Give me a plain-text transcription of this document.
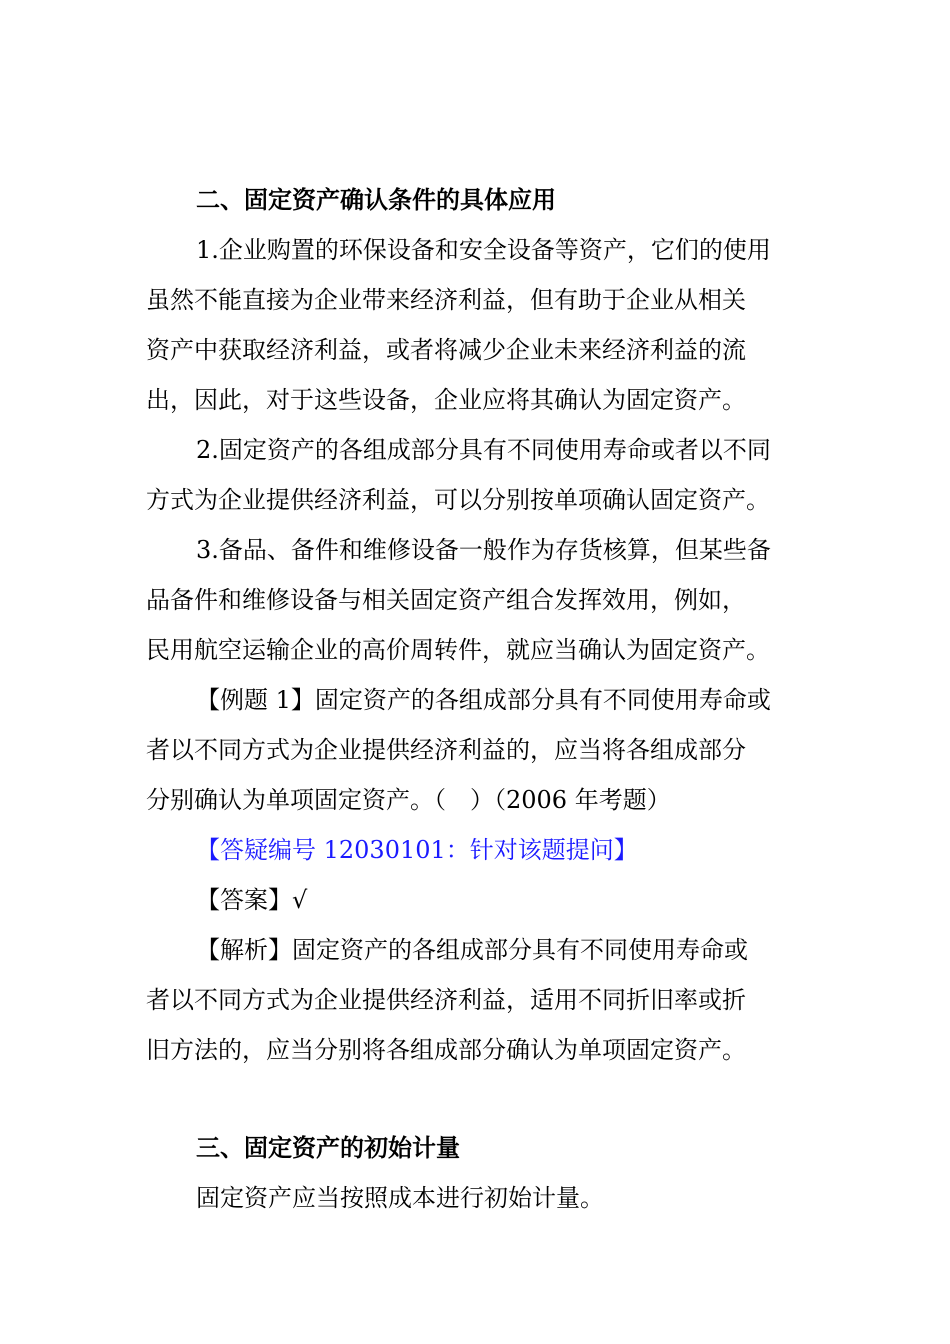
二、固定资产确认条件的具体应用

1.企业购置的环保设备和安全设备等资产，它们的使用

虽然不能直接为企业带来经济利益，但有助于企业从相关

资产中获取经济利益，或者将减少企业未来经济利益的流

出，因此，对于这些设备，企业应将其确认为固定资产。

2.固定资产的各组成部分具有不同使用寿命或者以不同

方式为企业提供经济利益，可以分别按单项确认固定资产。

3.备品、备件和维修设备一般作为存货核算，但某些备

品备件和维修设备与相关固定资产组合发挥效用，例如，

民用航空运输企业的高价周转件，就应当确认为固定资产。

【例题 1】固定资产的各组成部分具有不同使用寿命或

者以不同方式为企业提供经济利益的，应当将各组成部分

分别确认为单项固定资产。（　）（2006 年考题）

【答疑编号 12030101：针对该题提问】

【答案】√

【解析】固定资产的各组成部分具有不同使用寿命或

者以不同方式为企业提供经济利益，适用不同折旧率或折

旧方法的，应当分别将各组成部分确认为单项固定资产。

三、固定资产的初始计量

固定资产应当按照成本进行初始计量。
